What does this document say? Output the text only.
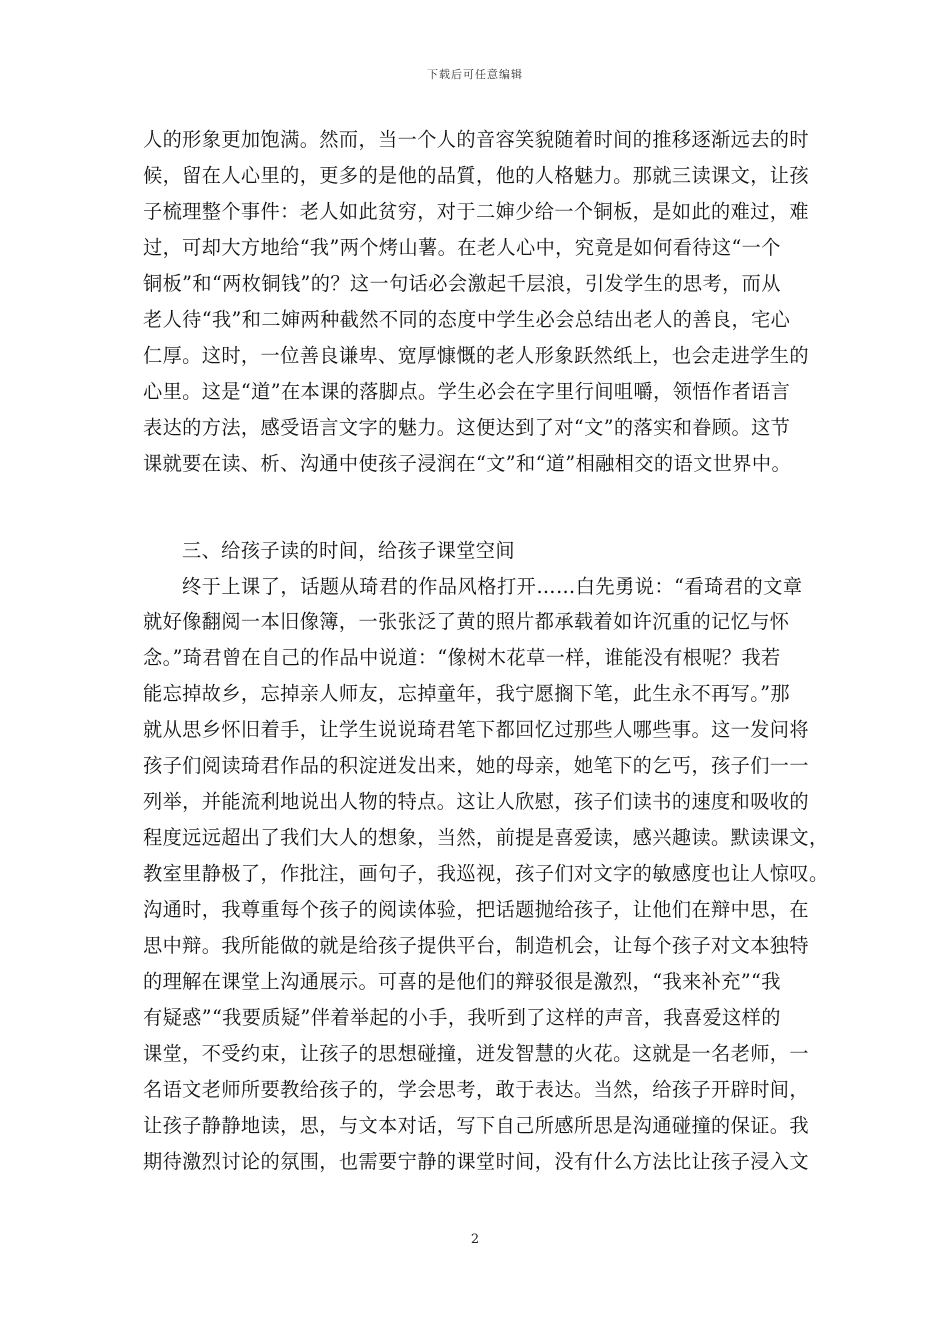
下载后可任意编辑
人的形象更加饱满。然而，当一个人的音容笑貌随着时间的推移逐渐远去的时
候，留在人心里的，更多的是他的品質，他的人格魅力。那就三读课文，让孩
子梳理整个事件：老人如此贫穷，对于二婶少给一个铜板，是如此的难过，难
过，可却大方地给“我”两个烤山薯。在老人心中，究竟是如何看待这“一个
铜板”和“两枚铜钱”的？这一句话必会激起千层浪，引发学生的思考，而从
老人待“我”和二婶两种截然不同的态度中学生必会总结出老人的善良，宅心
仁厚。这时，一位善良谦卑、宽厚慷慨的老人形象跃然纸上，也会走进学生的
心里。这是“道”在本课的落脚点。学生必会在字里行间咀嚼，领悟作者语言
表达的方法，感受语言文字的魅力。这便达到了对“文”的落实和眷顾。这节
课就要在读、析、沟通中使孩子浸润在“文”和“道”相融相交的语文世界中。
三、给孩子读的时间，给孩子课堂空间
终于上课了，话题从琦君的作品风格打开……白先勇说：“看琦君的文章
就好像翻阅一本旧像簿，一张张泛了黄的照片都承载着如许沉重的记忆与怀
念。”琦君曾在自己的作品中说道：“像树木花草一样，谁能没有根呢？我若
能忘掉故乡，忘掉亲人师友，忘掉童年，我宁愿搁下笔，此生永不再写。”那
就从思乡怀旧着手，让学生说说琦君笔下都回忆过那些人哪些事。这一发问将
孩子们阅读琦君作品的积淀迸发出来，她的母亲，她笔下的乞丐，孩子们一一
列举，并能流利地说出人物的特点。这让人欣慰，孩子们读书的速度和吸收的
程度远远超出了我们大人的想象，当然，前提是喜爱读，感兴趣读。默读课文，
教室里静极了，作批注，画句子，我巡视，孩子们对文字的敏感度也让人惊叹。
沟通时，我尊重每个孩子的阅读体验，把话题抛给孩子，让他们在辩中思，在
思中辩。我所能做的就是给孩子提供平台，制造机会，让每个孩子对文本独特
的理解在课堂上沟通展示。可喜的是他们的辩驳很是激烈，“我来补充”“我
有疑惑”“我要质疑”伴着举起的小手，我听到了这样的声音，我喜爱这样的
课堂，不受约束，让孩子的思想碰撞，迸发智慧的火花。这就是一名老师，一
名语文老师所要教给孩子的，学会思考，敢于表达。当然，给孩子开辟时间，
让孩子静静地读，思，与文本对话，写下自己所感所思是沟通碰撞的保证。我
期待激烈讨论的氛围，也需要宁静的课堂时间，没有什么方法比让孩子浸入文
2
